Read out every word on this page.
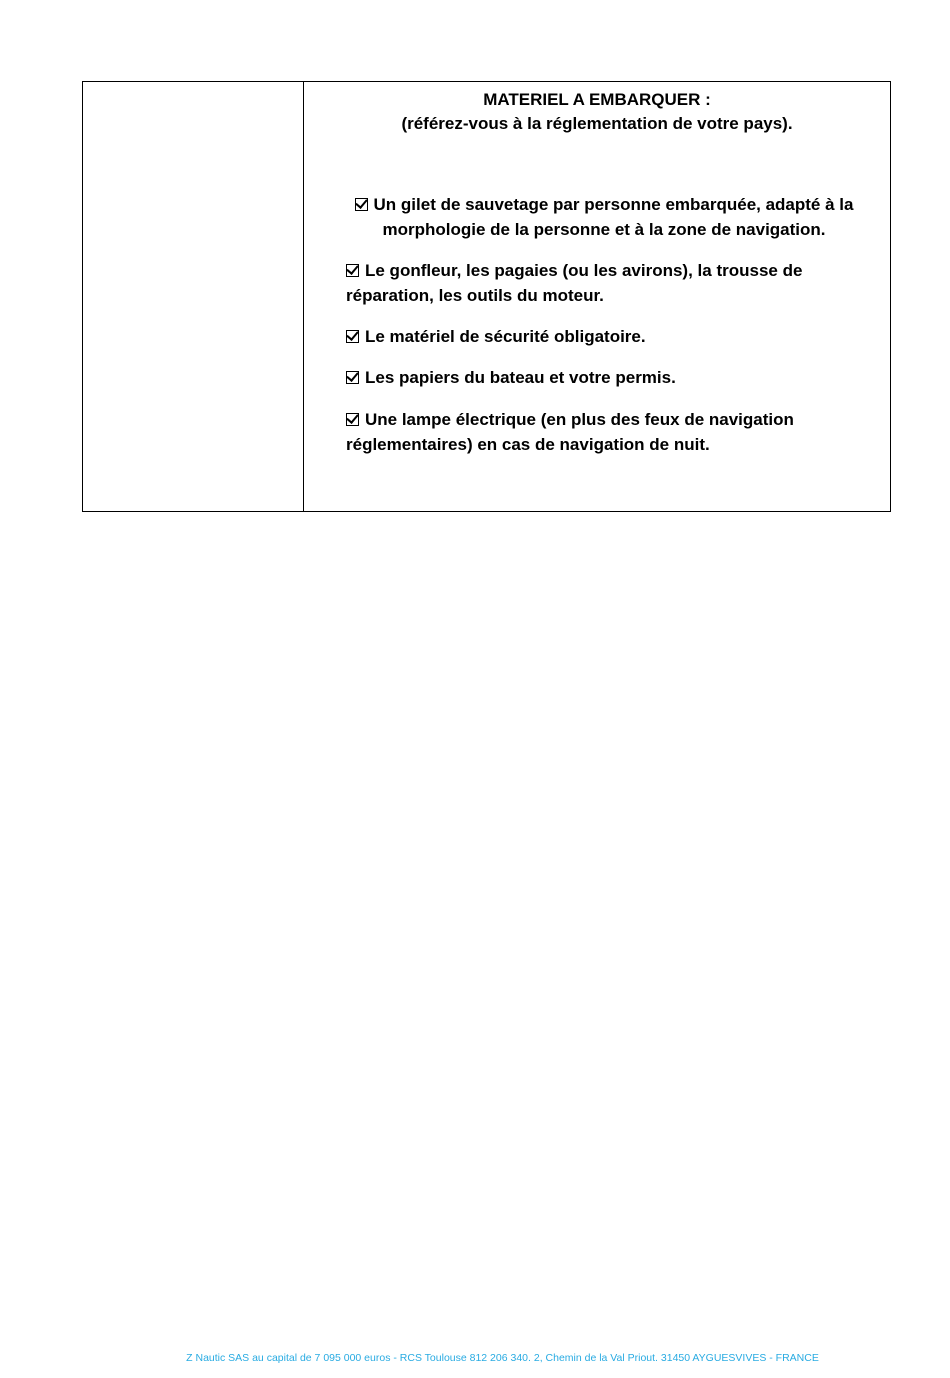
MATERIEL A EMBARQUER :
(référez-vous à la réglementation de votre pays).
Un gilet de sauvetage par personne embarquée, adapté à la morphologie de la personne et à la zone de navigation.
Le gonfleur, les pagaies (ou les avirons), la trousse de réparation, les outils du moteur.
Le matériel de sécurité obligatoire.
Les papiers du bateau et votre permis.
Une lampe électrique (en plus des feux de navigation réglementaires) en cas de navigation de nuit.
Z Nautic SAS au capital de 7 095 000 euros - RCS Toulouse 812 206 340. 2, Chemin de la Val Priout. 31450 AYGUESVIVES - FRANCE
